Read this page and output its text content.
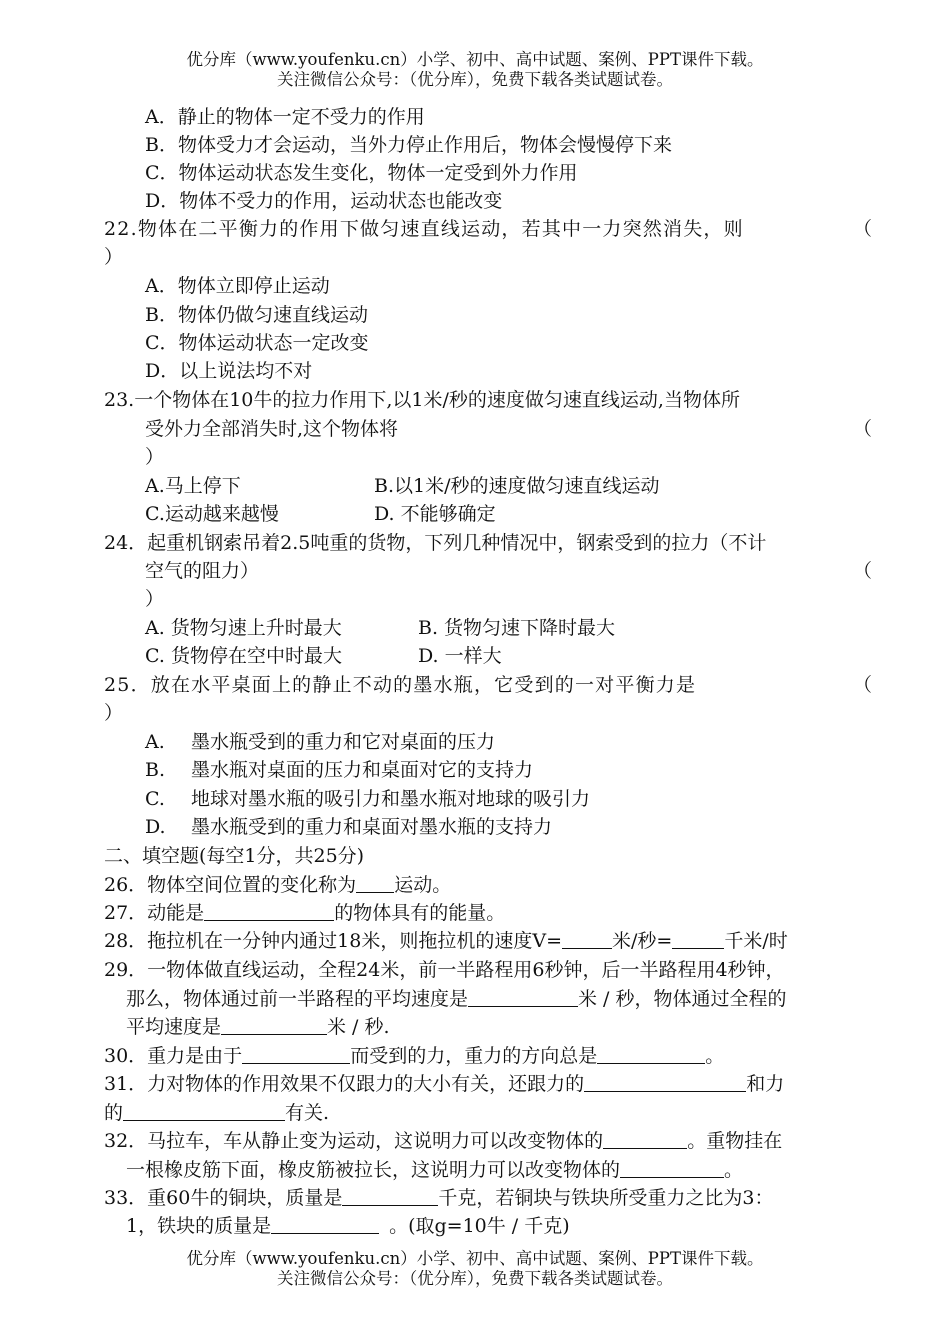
优分库（www.youfenku.cn）小学、初中、高中试题、案例、PPT课件下载。
关注微信公众号：（优分库），免费下载各类试题试卷。
A．静止的物体一定不受力的作用
B．物体受力才会运动，当外力停止作用后，物体会慢慢停下来
C．物体运动状态发生变化，物体一定受到外力作用
D．物体不受力的作用，运动状态也能改变
22.物体在二平衡力的作用下做匀速直线运动，若其中一力突然消失，则	（
）
A．物体立即停止运动
B．物体仍做匀速直线运动
C．物体运动状态一定改变
D．以上说法均不对
23.一个物体在10牛的拉力作用下,以1米/秒的速度做匀速直线运动,当物体所
受外力全部消失时,这个物体将	（
）
A.马上停下	B.以1米/秒的速度做匀速直线运动
C.运动越来越慢	D. 不能够确定
24．起重机钢索吊着2.5吨重的货物，下列几种情况中，钢索受到的拉力（不计
空气的阻力）	（
）
A. 货物匀速上升时最大	B. 货物匀速下降时最大
C. 货物停在空中时最大	D. 一样大
25．放在水平桌面上的静止不动的墨水瓶，它受到的一对平衡力是	（
）
A. 墨水瓶受到的重力和它对桌面的压力
B. 墨水瓶对桌面的压力和桌面对它的支持力
C. 地球对墨水瓶的吸引力和墨水瓶对地球的吸引力
D. 墨水瓶受到的重力和桌面对墨水瓶的支持力
二、填空题(每空1分，共25分)
26．物体空间位置的变化称为 运动。
27．动能是	的物体具有的能量。
28．拖拉机在一分钟内通过18米，则拖拉机的速度V=	米/秒=	千米/时
29．一物体做直线运动，全程24米，前一半路程用6秒钟，后一半路程用4秒钟，
那么，物体通过前一半路程的平均速度是	米 / 秒，物体通过全程的
平均速度是	米 / 秒.
30．重力是由于	而受到的力，重力的方向总是	。
31．力对物体的作用效果不仅跟力的大小有关，还跟力的	和力
的	有关.
32．马拉车，车从静止变为运动，这说明力可以改变物体的	。重物挂在
一根橡皮筋下面，橡皮筋被拉长，这说明力可以改变物体的	。
33．重60牛的铜块，质量是	千克，若铜块与铁块所受重力之比为3：
1，铁块的质量是	。(取g=10牛 / 千克)
优分库（www.youfenku.cn）小学、初中、高中试题、案例、PPT课件下载。
关注微信公众号：（优分库），免费下载各类试题试卷。
